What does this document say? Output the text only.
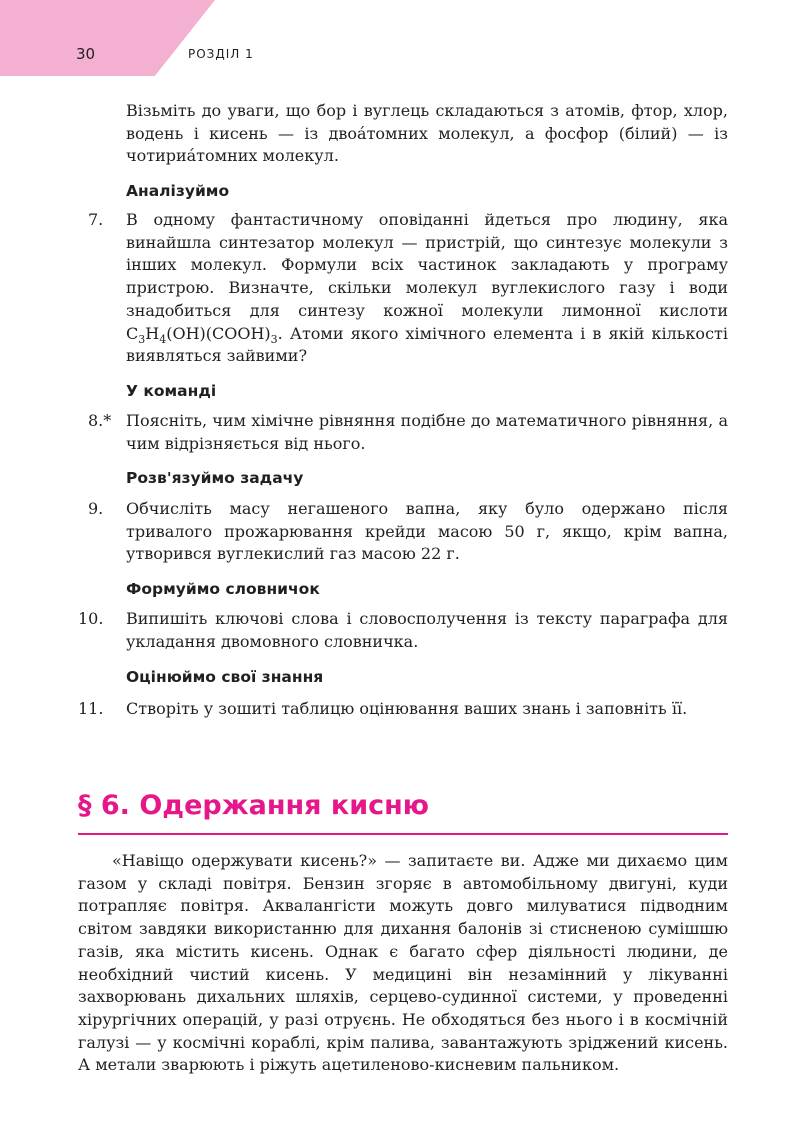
30	РОЗДІЛ 1
Візьміть до уваги, що бор і вуглець складаються з атомів, фтор, хлор, водень і кисень — із двоа́томних молекул, а фосфор (білий) — із чотириа́томних молекул.
Аналізуймо
7. В одному фантастичному оповіданні йдеться про людину, яка винайшла синтезатор молекул — пристрій, що синтезує молекули з інших молекул. Формули всіх частинок закладають у програму пристрою. Визначте, скільки молекул вуглекислого газу і води знадобиться для синтезу кожної молекули лимонної кислоти $C_3H_4(OH)(COOH)_3$. Атоми якого хімічного елемента і в якій кількості виявляться зайвими?
У команді
8.* Поясніть, чим хімічне рівняння подібне до математичного рівняння, а чим відрізняється від нього.
Розв'язуймо задачу
9. Обчисліть масу негашеного вапна, яку було одержано після тривалого прожарювання крейди масою 50 г, якщо, крім вапна, утворився вуглекислий газ масою 22 г.
Формуймо словничок
10. Випишіть ключові слова і словосполучення із тексту параграфа для укладання двомовного словничка.
Оцінюймо свої знання
11. Створіть у зошиті таблицю оцінювання ваших знань і заповніть її.
§ 6. Одержання кисню
«Навіщо одержувати кисень?» — запитаєте ви. Адже ми дихаємо цим газом у складі повітря. Бензин згоряє в автомобільному двигуні, куди потрапляє повітря. Аквалангісти можуть довго милуватися підводним світом завдяки використанню для дихання балонів зі стисненою сумішшю газів, яка містить кисень. Однак є багато сфер діяльності людини, де необхідний чистий кисень. У медицині він незамінний у лікуванні захворювань дихальних шляхів, серцево-судинної системи, у проведенні хірургічних операцій, у разі отруєнь. Не обходяться без нього і в космічній галузі — у космічні кораблі, крім палива, завантажують зріджений кисень. А метали зварюють і ріжуть ацетиленово-кисневим пальником.
